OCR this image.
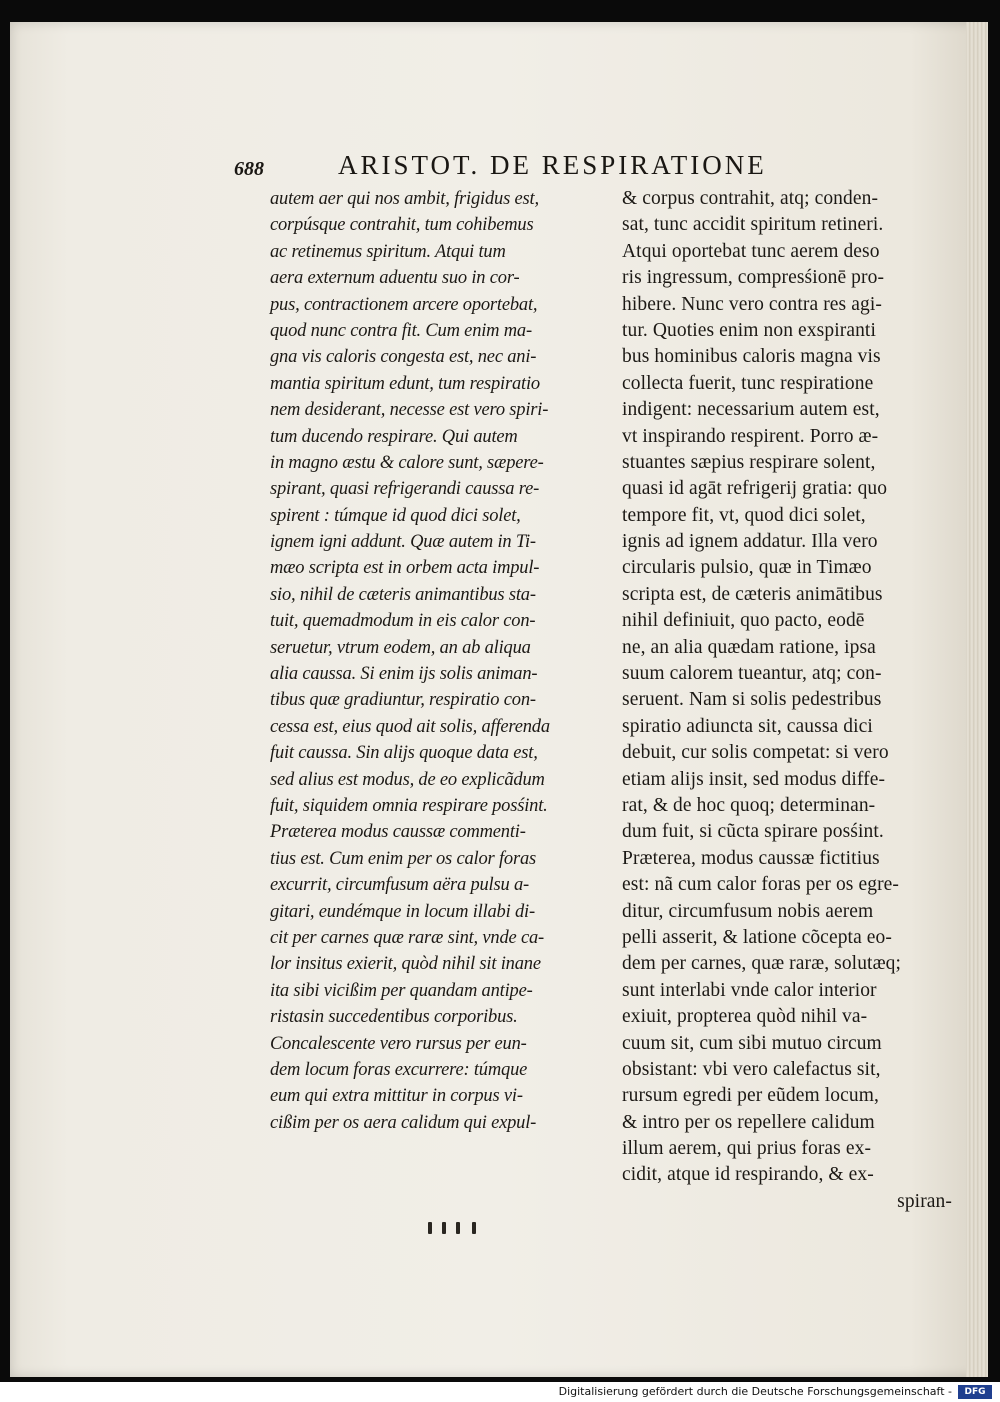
688	ARISTOT. DE RESPIRATIONE
autem aer qui nos ambit, frigidus est,
corpúsque contrahit, tum cohibemus
ac retinemus spiritum. Atqui tum
aera externum aduentu suo in cor-
pus, contractionem arcere oportebat,
quod nunc contra fit. Cum enim ma-
gna vis caloris congesta est, nec ani-
mantia spiritum edunt, tum respiratio
nem desiderant, necesse est vero spiri-
tum ducendo respirare. Qui autem
in magno æstu & calore sunt, sæpere-
spirant, quasi refrigerandi caussa re-
spirent : túmque id quod dici solet,
ignem igni addunt. Quæ autem in Ti-
mæo scripta est in orbem acta impul-
sio, nihil de cæteris animantibus sta-
tuit, quemadmodum in eis calor con-
seruetur, vtrum eodem, an ab aliqua
alia caussa. Si enim ijs solis animan-
tibus quæ gradiuntur, respiratio con-
cessa est, eius quod ait solis, afferenda
fuit caussa. Sin alijs quoque data est,
sed alius est modus, de eo explicãdum
fuit, siquidem omnia respirare posśint.
Præterea modus caussæ commenti-
tius est. Cum enim per os calor foras
excurrit, circumfusum aëra pulsu a-
gitari, eundémque in locum illabi di-
cit per carnes quæ raræ sint, vnde ca-
lor insitus exierit, quòd nihil sit inane
ita sibi vicißim per quandam antipe-
ristasin succedentibus corporibus.
Concalescente vero rursus per eun-
dem locum foras excurrere: túmque
eum qui extra mittitur in corpus vi-
cißim per os aera calidum qui expul-
& corpus contrahit, atq; conden-
sat, tunc accidit spiritum retineri.
Atqui oportebat tunc aerem deso
ris ingressum, compresśionē pro-
hibere. Nunc vero contra res agi-
tur. Quoties enim non exspiranti
bus hominibus caloris magna vis
collecta fuerit, tunc respiratione
indigent: necessarium autem est,
vt inspirando respirent. Porro æ-
stuantes sæpius respirare solent,
quasi id agāt refrigerij gratia: quo
tempore fit, vt, quod dici solet,
ignis ad ignem addatur. Illa vero
circularis pulsio, quæ in Timæo
scripta est, de cæteris animātibus
nihil definiuit, quo pacto, eodē
ne, an alia quædam ratione, ipsa
suum calorem tueantur, atq; con-
seruent. Nam si solis pedestribus
spiratio adiuncta sit, caussa dici
debuit, cur solis competat: si vero
etiam alijs insit, sed modus diffe-
rat, & de hoc quoq; determinan-
dum fuit, si cũcta spirare posśint.
Præterea, modus caussæ fictitius
est: nã cum calor foras per os egre-
ditur, circumfusum nobis aerem
pelli asserit, & latione cõcepta eo-
dem per carnes, quæ raræ, solutæq;
sunt interlabi vnde calor interior
exiuit, propterea quòd nihil va-
cuum sit, cum sibi mutuo circum
obsistant: vbi vero calefactus sit,
rursum egredi per eũdem locum,
& intro per os repellere calidum
illum aerem, qui prius foras ex-
cidit, atque id respirando, & ex-
spiran-
Digitalisierung gefördert durch die Deutsche Forschungsgemeinschaft -	DFG
